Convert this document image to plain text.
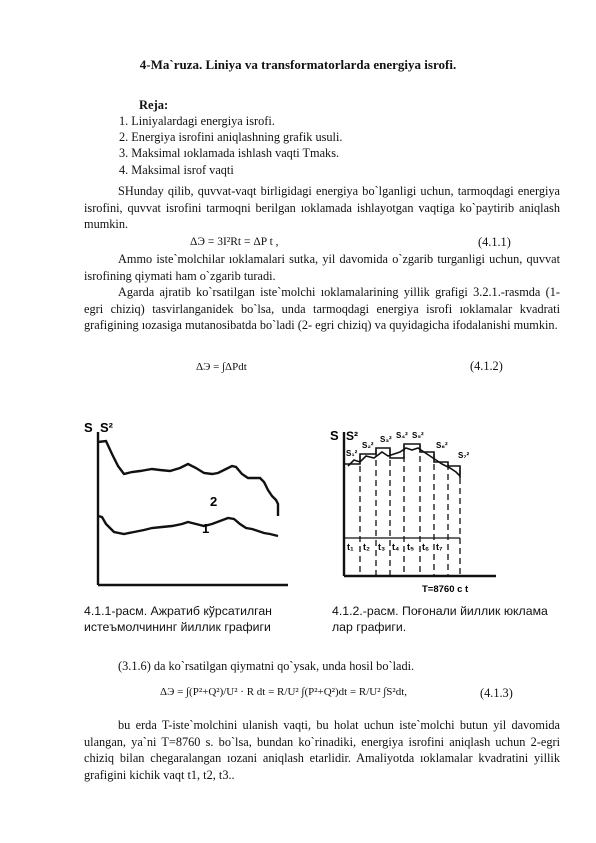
4-Ma`ruza. Liniya va transformatorlarda energiya isrofi.
Reja:
1. Liniyalardagi energiya isrofi.
2. Energiya isrofini aniqlashning grafik usuli.
3. Maksimal ıoklamada ishlash vaqti Tmaks.
4. Maksimal isrof vaqti

SHunday qilib, quvvat-vaqt birligidagi energiya bo`lganligi uchun, tarmoqdagi energiya isrofini, quvvat isrofini tarmoqni berilgan ıoklamada ishlayotgan vaqtiga ko`paytirib aniqlash mumkin.

ΔЭ = 3I²Rt = ΔP t ,	(4.1.1)

Ammo iste`molchilar ıoklamalari sutka, yil davomida o`zgarib turganligi uchun, quvvat isrofining qiymati ham o`zgarib turadi.

Agarda ajratib ko`rsatilgan iste`molchi ıoklamalarining yillik grafigi 3.2.1.-rasmda (1- egri chiziq) tasvirlanganidek bo`lsa, unda tarmoqdagi energiya isrofi ıoklamalar kvadrati grafigining ıozasiga mutanosibatda bo`ladi (2- egri chiziq) va quyidagicha ifodalanishi mumkin.

ΔЭ = ∫ΔPdt	(4.1.2)
S S²
2
1
S S²
S₁²
S₂²
S₃² S₄² S₅²
S₆²
S₇²
t₁ t₂ t₃ t₄ t₅ t₆ t₇
T=8760 c t
4.1.1-расм. Ажратиб кўрсатилган
истеъмолчининг йиллик графиги
4.1.2.-расм. Поғонали йиллик юклама
лар графиги.
(3.1.6) da ko`rsatilgan qiymatni qo`ysak, unda hosil bo`ladi.
ΔЭ = ∫(P²+Q²)/U² · R dt = R/U² ∫(P²+Q²)dt = R/U² ∫S²dt,	(4.1.3)

bu erda T-iste`molchini ulanish vaqti, bu holat uchun iste`molchi butun yil davomida ulangan, ya`ni T=8760 s. bo`lsa, bundan ko`rinadiki, energiya isrofini aniqlash uchun 2-egri chiziq bilan chegaralangan ıozani aniqlash etarlidir. Amaliyotda ıoklamalar kvadratini yillik grafigini kichik vaqt t1, t2, t3..
